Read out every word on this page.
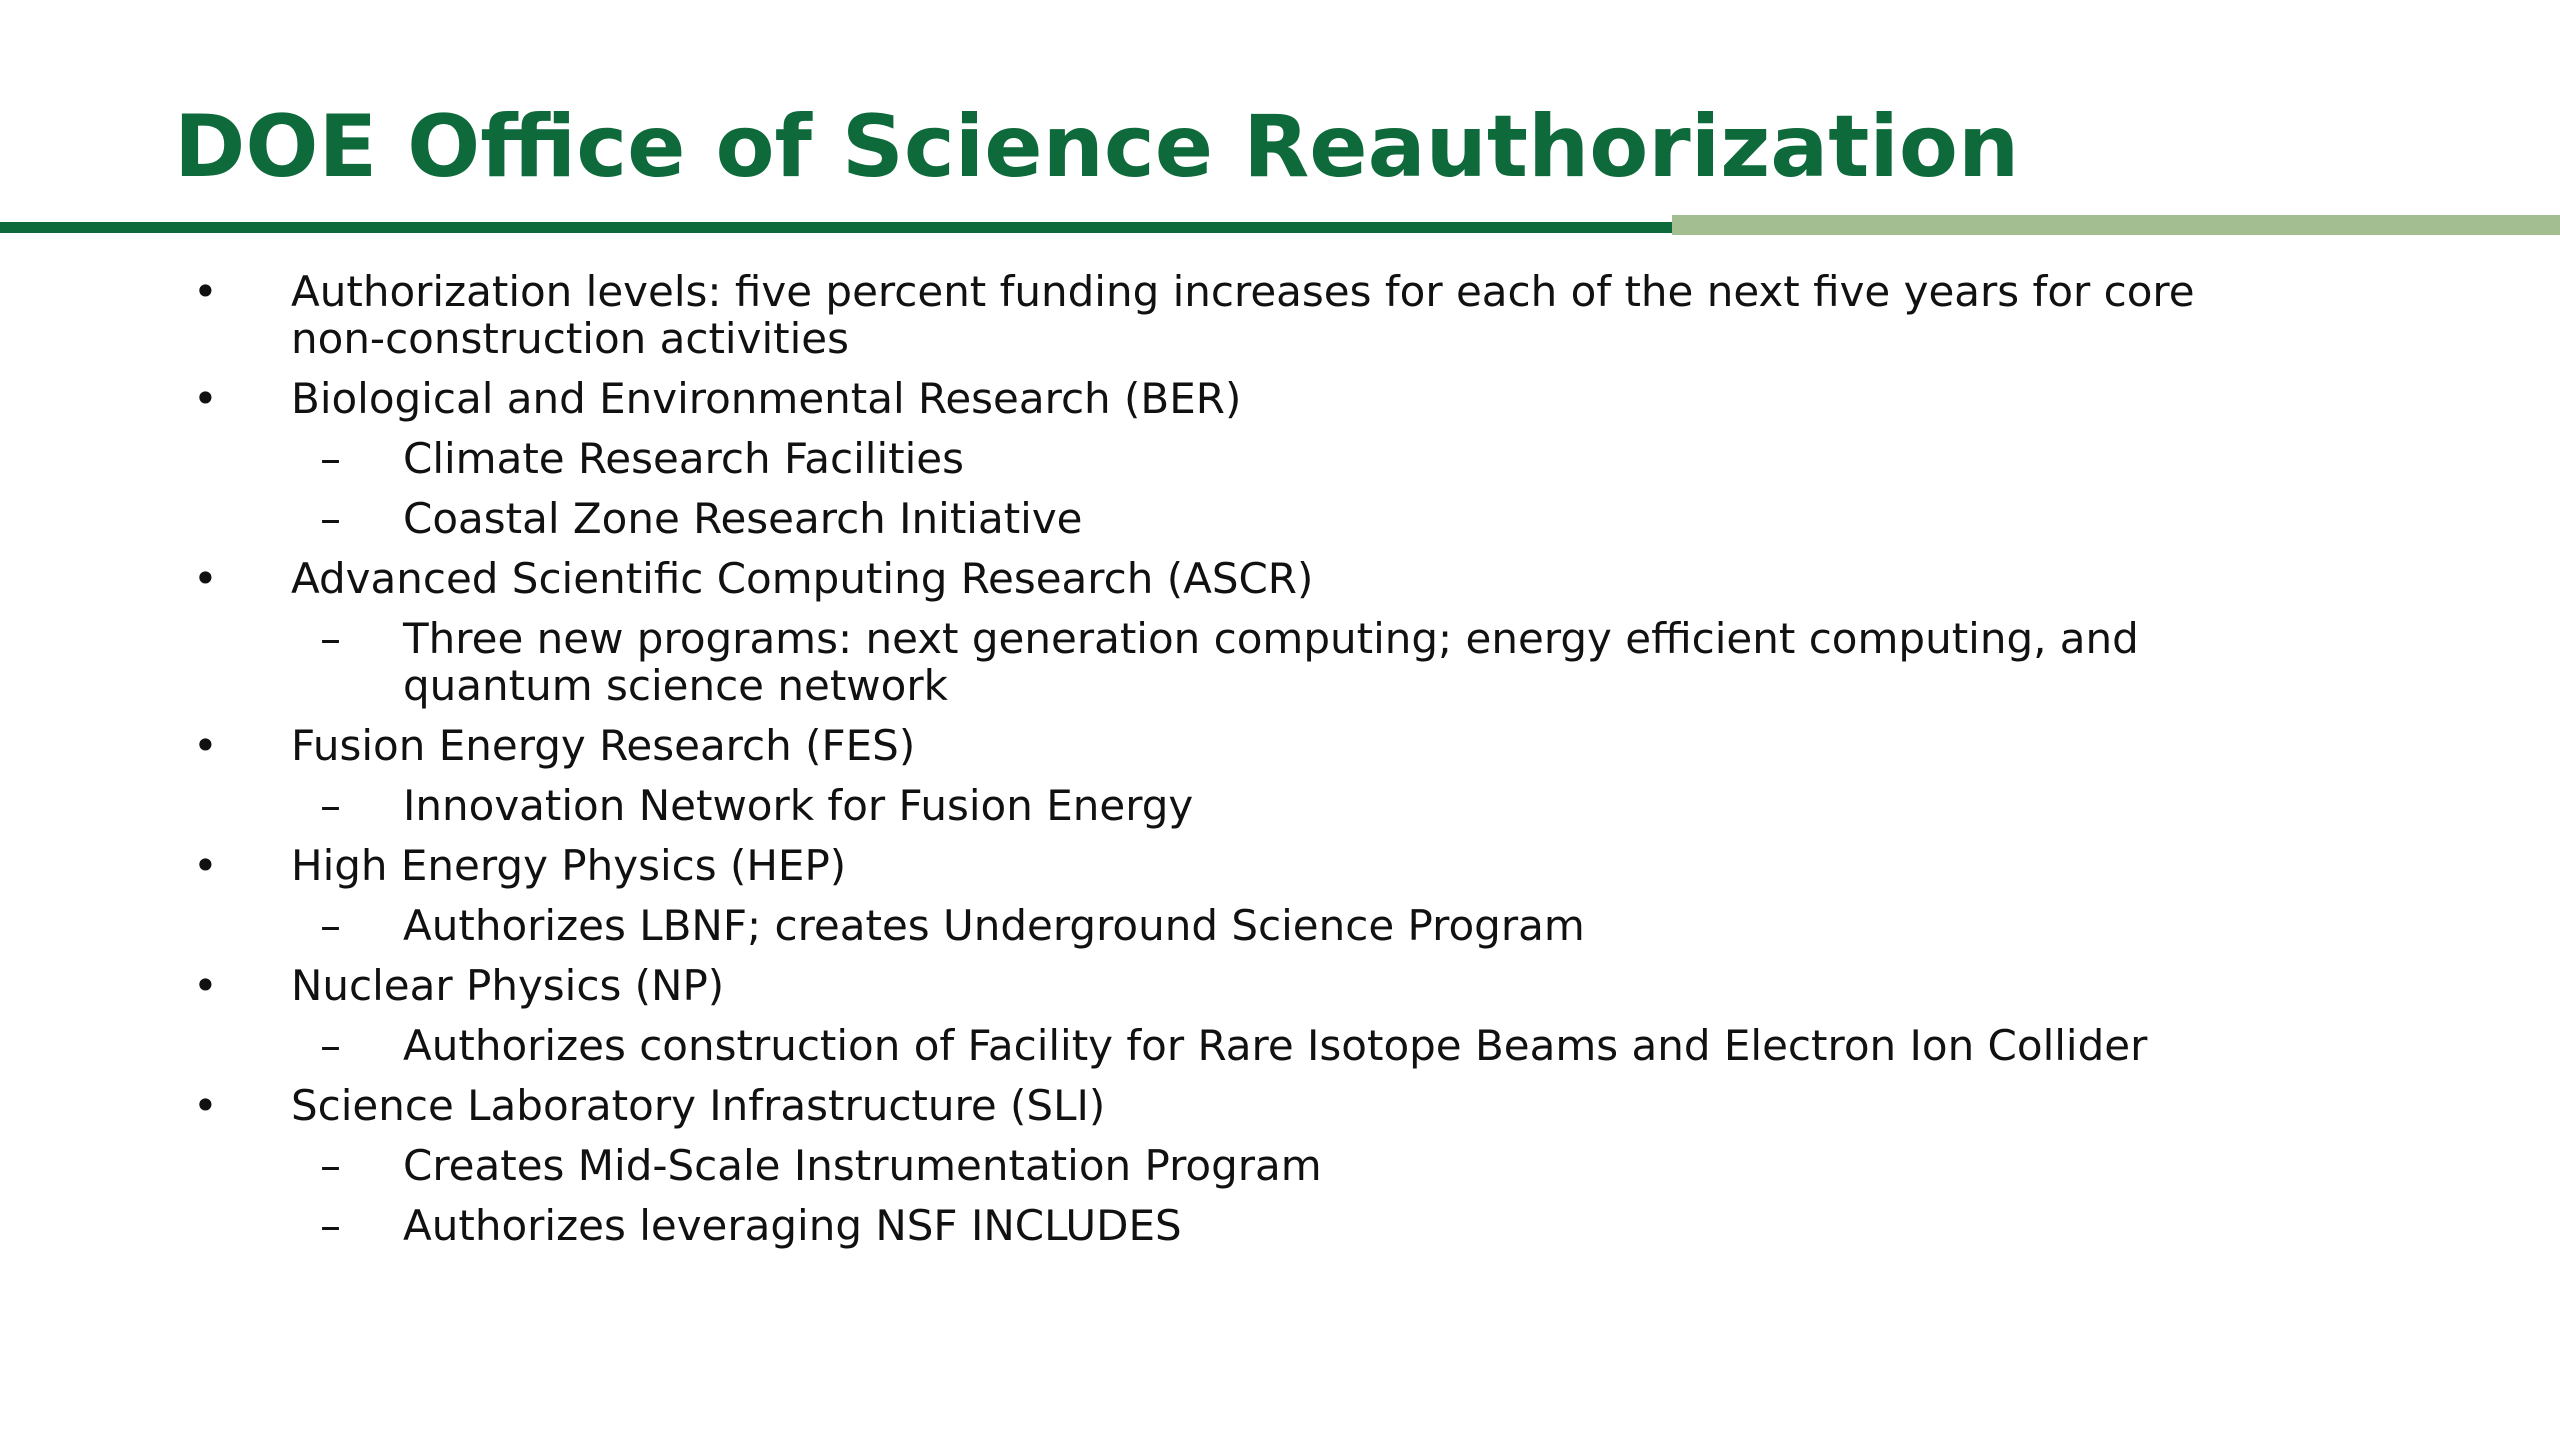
DOE Office of Science Reauthorization
• Authorization levels: five percent funding increases for each of the next five years for core non-construction activities
• Biological and Environmental Research (BER)
– Climate Research Facilities
– Coastal Zone Research Initiative
• Advanced Scientific Computing Research (ASCR)
– Three new programs: next generation computing; energy efficient computing, and quantum science network
• Fusion Energy Research (FES)
– Innovation Network for Fusion Energy
• High Energy Physics (HEP)
– Authorizes LBNF; creates Underground Science Program
• Nuclear Physics (NP)
– Authorizes construction of Facility for Rare Isotope Beams and Electron Ion Collider
• Science Laboratory Infrastructure (SLI)
– Creates Mid-Scale Instrumentation Program
– Authorizes leveraging NSF INCLUDES
